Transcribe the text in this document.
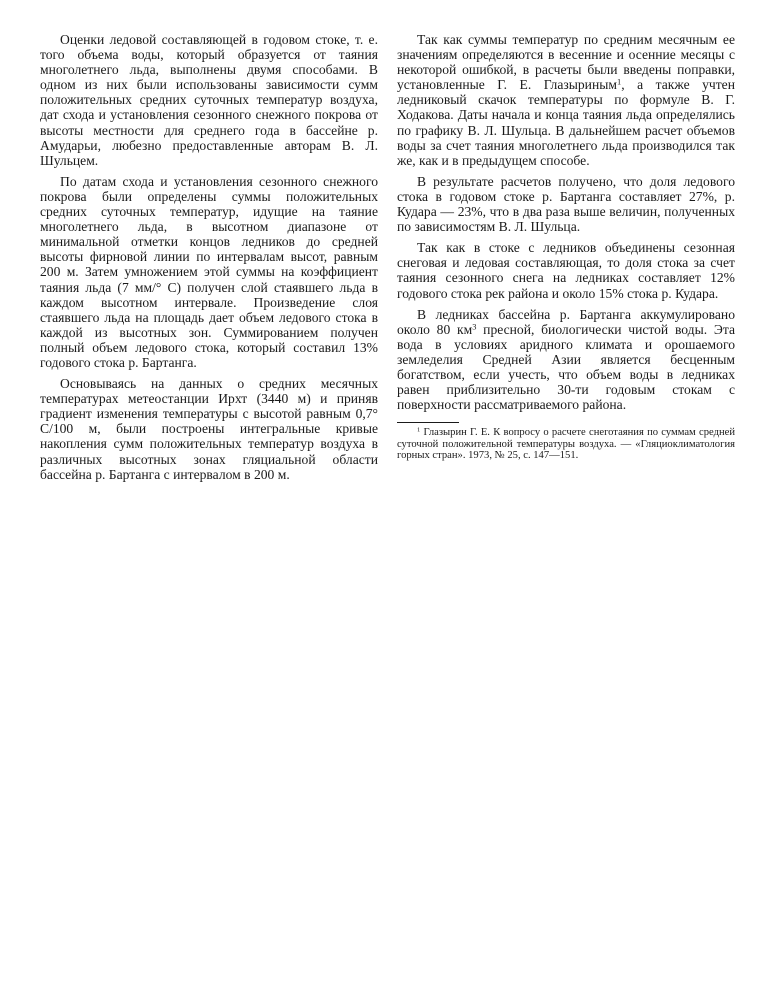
Оценки ледовой составляющей в годовом стоке, т. е. того объема воды, который образуется от таяния многолетнего льда, выполнены двумя способами. В одном из них были использованы зависимости сумм положительных средних суточных температур воздуха, дат схода и установления сезонного снежного покрова от высоты местности для среднего года в бассейне р. Амударьи, любезно предоставленные авторам В. Л. Шульцем.

По датам схода и установления сезонного снежного покрова были определены суммы положительных средних суточных температур, идущие на таяние многолетнего льда, в высотном диапазоне от минимальной отметки концов ледников до средней высоты фирновой линии по интервалам высот, равным 200 м. Затем умножением этой суммы на коэффициент таяния льда (7 мм/° С) получен слой стаявшего льда в каждом высотном интервале. Произведение слоя стаявшего льда на площадь дает объем ледового стока в каждой из высотных зон. Суммированием получен полный объем ледового стока, который составил 13% годового стока р. Бартанга.

Основываясь на данных о средних месячных температурах метеостанции Ирхт (3440 м) и приняв градиент изменения температуры с высотой равным 0,7° С/100 м, были построены интегральные кривые накопления сумм положительных температур воздуха в различных высотных зонах гляциальной области бассейна р. Бартанга с интервалом в 200 м.

Так как суммы температур по средним месячным ее значениям определяются в весенние и осенние месяцы с некоторой ошибкой, в расчеты были введены поправки, установленные Г. Е. Глазыриным$^1$, а также учтен ледниковый скачок температуры по формуле В. Г. Ходакова. Даты начала и конца таяния льда определялись по графику В. Л. Шульца. В дальнейшем расчет объемов воды за счет таяния многолетнего льда производился так же, как и в предыдущем способе.

В результате расчетов получено, что доля ледового стока в годовом стоке р. Бартанга составляет 27%, р. Кудара — 23%, что в два раза выше величин, полученных по зависимостям В. Л. Шульца.

Так как в стоке с ледников объединены сезонная снеговая и ледовая составляющая, то доля стока за счет таяния сезонного снега на ледниках составляет 12% годового стока рек района и около 15% стока р. Кудара.

В ледниках бассейна р. Бартанга аккумулировано около 80 $км^3$ пресной, биологически чистой воды. Эта вода в условиях аридного климата и орошаемого земледелия Средней Азии является бесценным богатством, если учесть, что объем воды в ледниках равен приблизительно 30-ти годовым стокам с поверхности рассматриваемого района.

$^1$ Глазырин Г. Е. К вопросу о расчете снеготаяния по суммам средней суточной положительной температуры воздуха. — «Гляциоклиматология горных стран». 1973, № 25, с. 147—151.
